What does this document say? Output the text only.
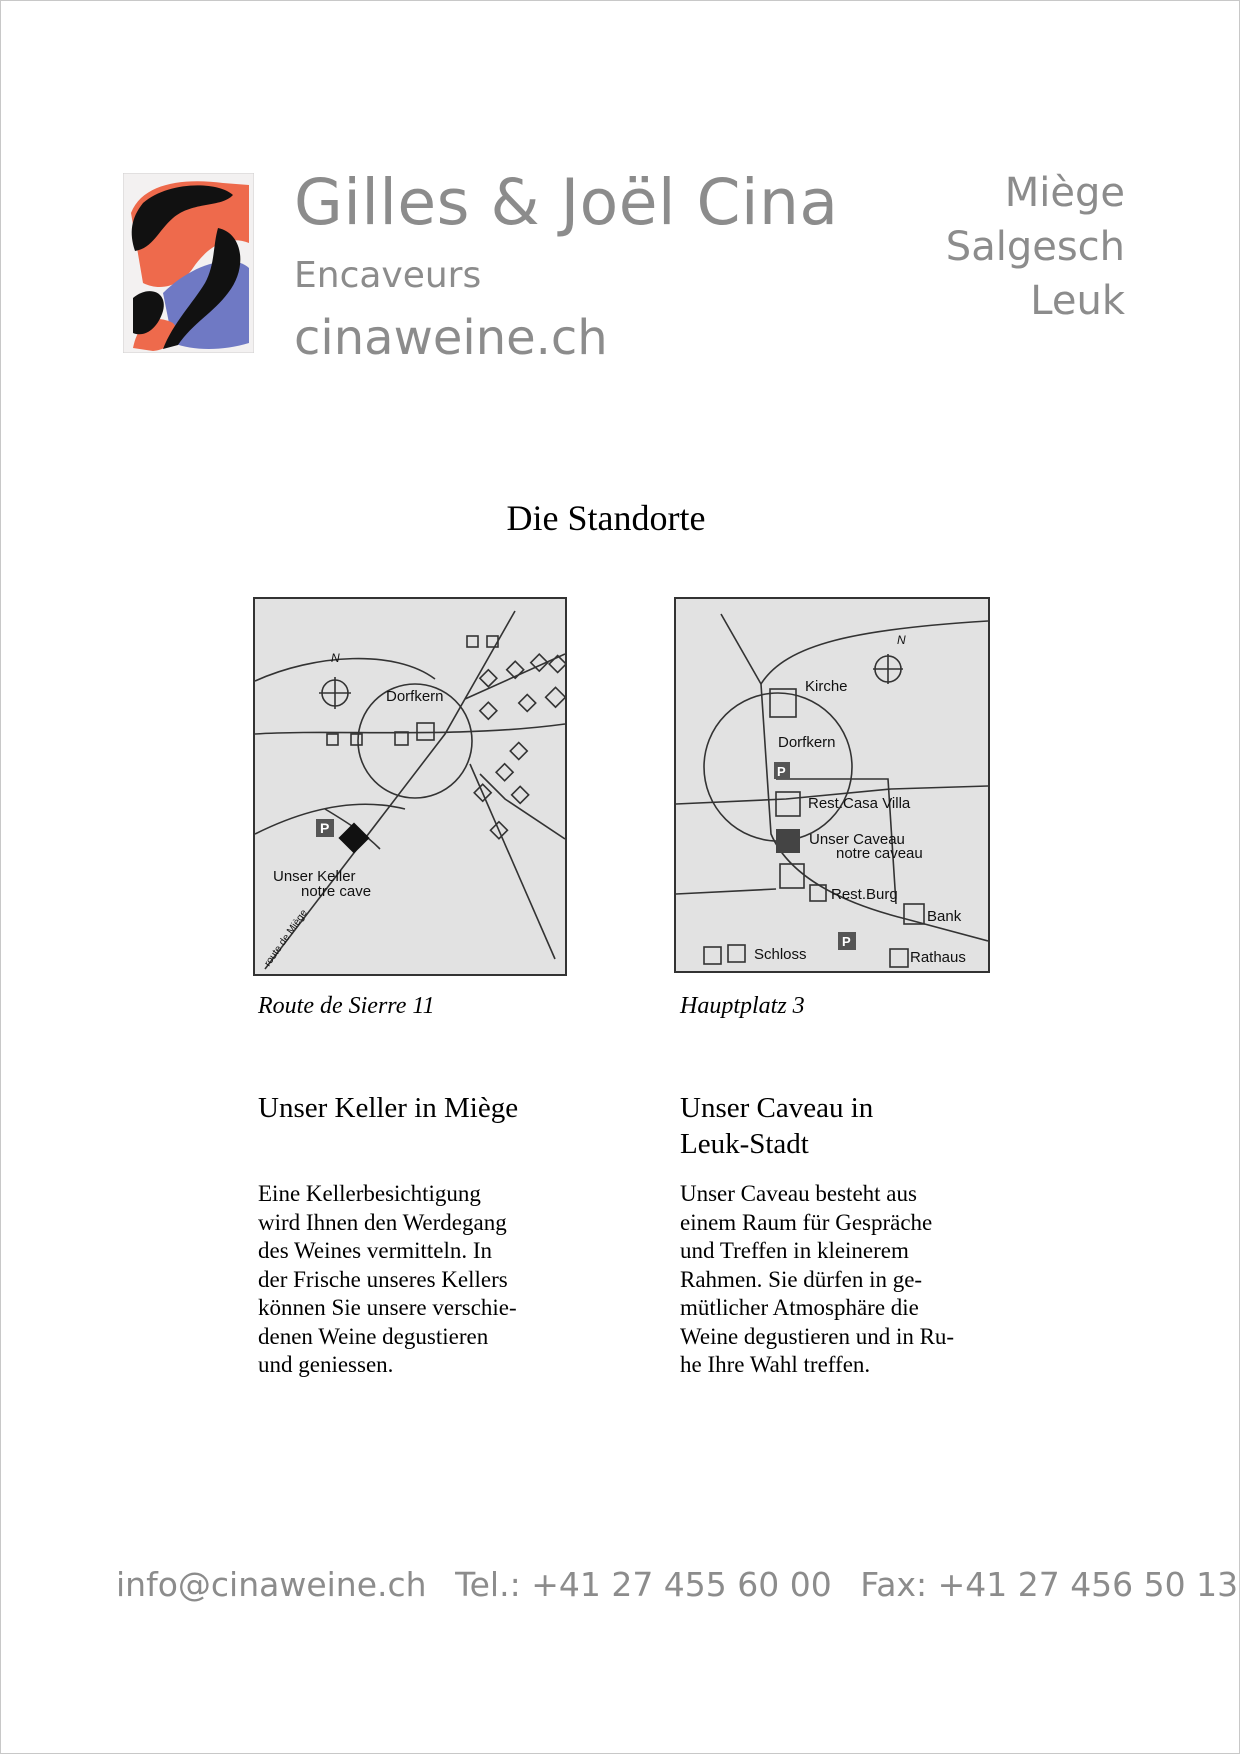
Gilles & Joël Cina
Encaveurs
cinaweine.ch
Miège
Salgesch
Leuk
Die Standorte
P
N
Dorfkern
Unser Keller
notre cave
route de Miège
P
P
N
Kirche
Dorfkern
Rest.Casa Villa
Unser Caveau
notre caveau
Rest.Burg
Bank
Schloss	Rathaus
Route de Sierre 11	Hauptplatz 3
Unser Keller in Miège	Unser Caveau in
Leuk-Stadt
Eine Kellerbesichtigung
wird Ihnen den Werdegang
des Weines vermitteln. In
der Frische unseres Kellers
können Sie unsere verschie-
denen Weine degustieren
und geniessen.
Unser Caveau besteht aus
einem Raum für Gespräche
und Treffen in kleinerem
Rahmen. Sie dürfen in ge-
mütlicher Atmosphäre die
Weine degustieren und in Ru-
he Ihre Wahl treffen.
info@cinaweine.ch Tel.: +41 27 455 60 00 Fax: +41 27 456 50 13
